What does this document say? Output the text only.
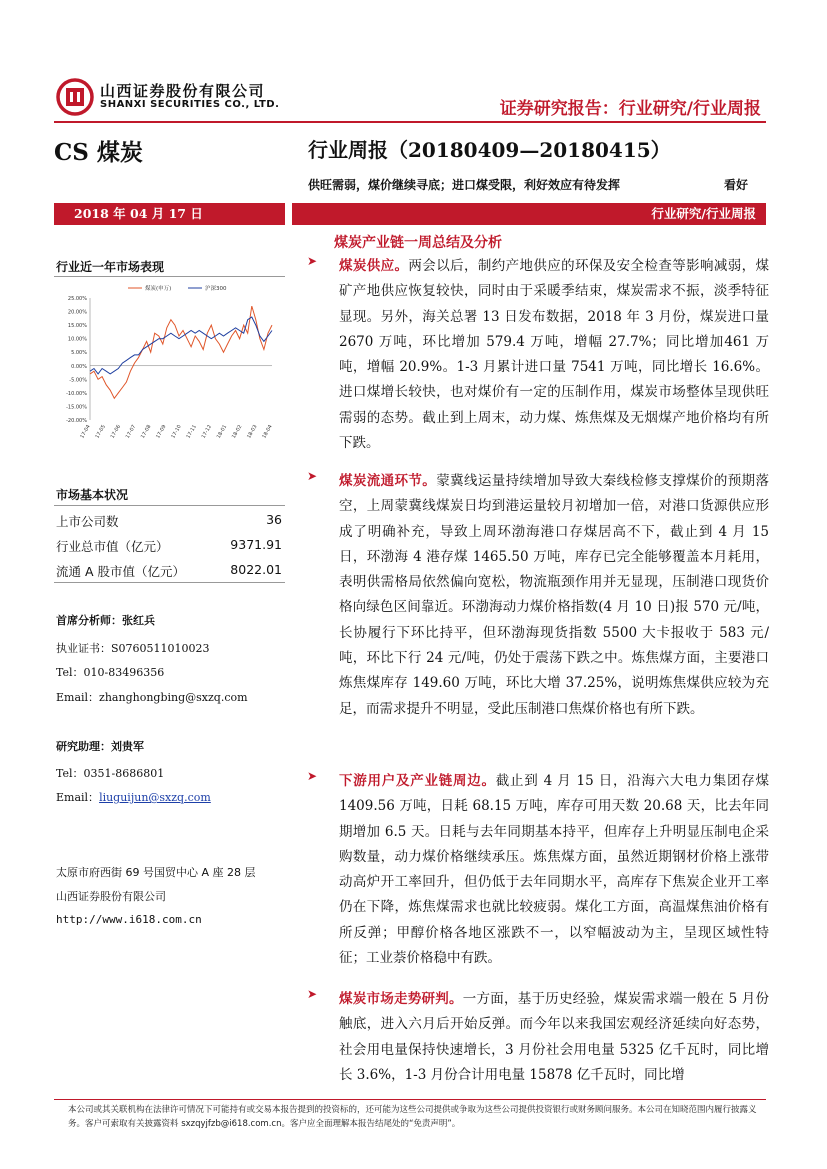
山西证券股份有限公司
SHANXI SECURITIES CO., LTD.	证券研究报告：行业研究/行业周报
CS 煤炭	行业周报（20180409—20180415）
供旺需弱，煤价继续寻底；进口煤受限，利好效应有待发挥	看好
2018 年 04 月 17 日	行业研究/行业周报
行业近一年市场表现
25.00%
20.00%
15.00%
10.00%
5.00%
0.00%
-5.00%
-10.00%
-15.00%
-20.00%
17-04 17-05 17-06 17-07 17-08 17-09 17-10 17-11 17-12 18-01 18-02 18-03 18-04
煤炭(申万)	沪深300
市场基本状况
上市公司数	36
行业总市值（亿元）	9371.91
流通 A 股市值（亿元）	8022.01
首席分析师：张红兵
执业证书：S0760511010023
Tel：010-83496356
Email：zhanghongbing@sxzq.com
研究助理：刘贵军
Tel：0351-8686801
Email：liuguijun@sxzq.com
太原市府西街 69 号国贸中心 A 座 28 层
山西证券股份有限公司
http://www.i618.com.cn
煤炭产业链一周总结及分析
➤ 煤炭供应。两会以后，制约产地供应的环保及安全检查等影响减弱，煤矿产地供应恢复较快，同时由于采暖季结束，煤炭需求不振，淡季特征显现。另外，海关总署 13 日发布数据，2018 年 3 月份，煤炭进口量 2670 万吨，环比增加 579.4 万吨，增幅 27.7%；同比增加461 万吨，增幅 20.9%。1-3 月累计进口量 7541 万吨，同比增长 16.6%。进口煤增长较快，也对煤价有一定的压制作用，煤炭市场整体呈现供旺需弱的态势。截止到上周末，动力煤、炼焦煤及无烟煤产地价格均有所下跌。
➤ 煤炭流通环节。蒙冀线运量持续增加导致大秦线检修支撑煤价的预期落空，上周蒙冀线煤炭日均到港运量较月初增加一倍，对港口货源供应形成了明确补充，导致上周环渤海港口存煤居高不下，截止到 4 月 15 日，环渤海 4 港存煤 1465.50 万吨，库存已完全能够覆盖本月耗用，表明供需格局依然偏向宽松，物流瓶颈作用并无显现，压制港口现货价格向绿色区间靠近。环渤海动力煤价格指数(4 月 10 日)报 570 元/吨，长协履行下环比持平，但环渤海现货指数 5500 大卡报收于 583 元/吨，环比下行 24 元/吨，仍处于震荡下跌之中。炼焦煤方面，主要港口炼焦煤库存 149.60 万吨，环比大增 37.25%，说明炼焦煤供应较为充足，而需求提升不明显，受此压制港口焦煤价格也有所下跌。
➤ 下游用户及产业链周边。截止到 4 月 15 日，沿海六大电力集团存煤 1409.56 万吨，日耗 68.15 万吨，库存可用天数 20.68 天，比去年同期增加 6.5 天。日耗与去年同期基本持平，但库存上升明显压制电企采购数量，动力煤价格继续承压。炼焦煤方面，虽然近期钢材价格上涨带动高炉开工率回升，但仍低于去年同期水平，高库存下焦炭企业开工率仍在下降，炼焦煤需求也就比较疲弱。煤化工方面，高温煤焦油价格有所反弹；甲醇价格各地区涨跌不一，以窄幅波动为主，呈现区域性特征；工业萘价格稳中有跌。
➤ 煤炭市场走势研判。一方面，基于历史经验，煤炭需求端一般在 5 月份触底，进入六月后开始反弹。而今年以来我国宏观经济延续向好态势，社会用电量保持快速增长，3 月份社会用电量 5325 亿千瓦时，同比增长 3.6%，1-3 月份合计用电量 15878 亿千瓦时，同比增
本公司或其关联机构在法律许可情况下可能持有或交易本报告提到的投资标的，还可能为这些公司提供或争取为这些公司提供投资银行或财务顾问服务。本公司在知晓范围内履行披露义务。客户可索取有关披露资料 sxzqyjfzb@i618.com.cn。客户应全面理解本报告结尾处的“免责声明”。
